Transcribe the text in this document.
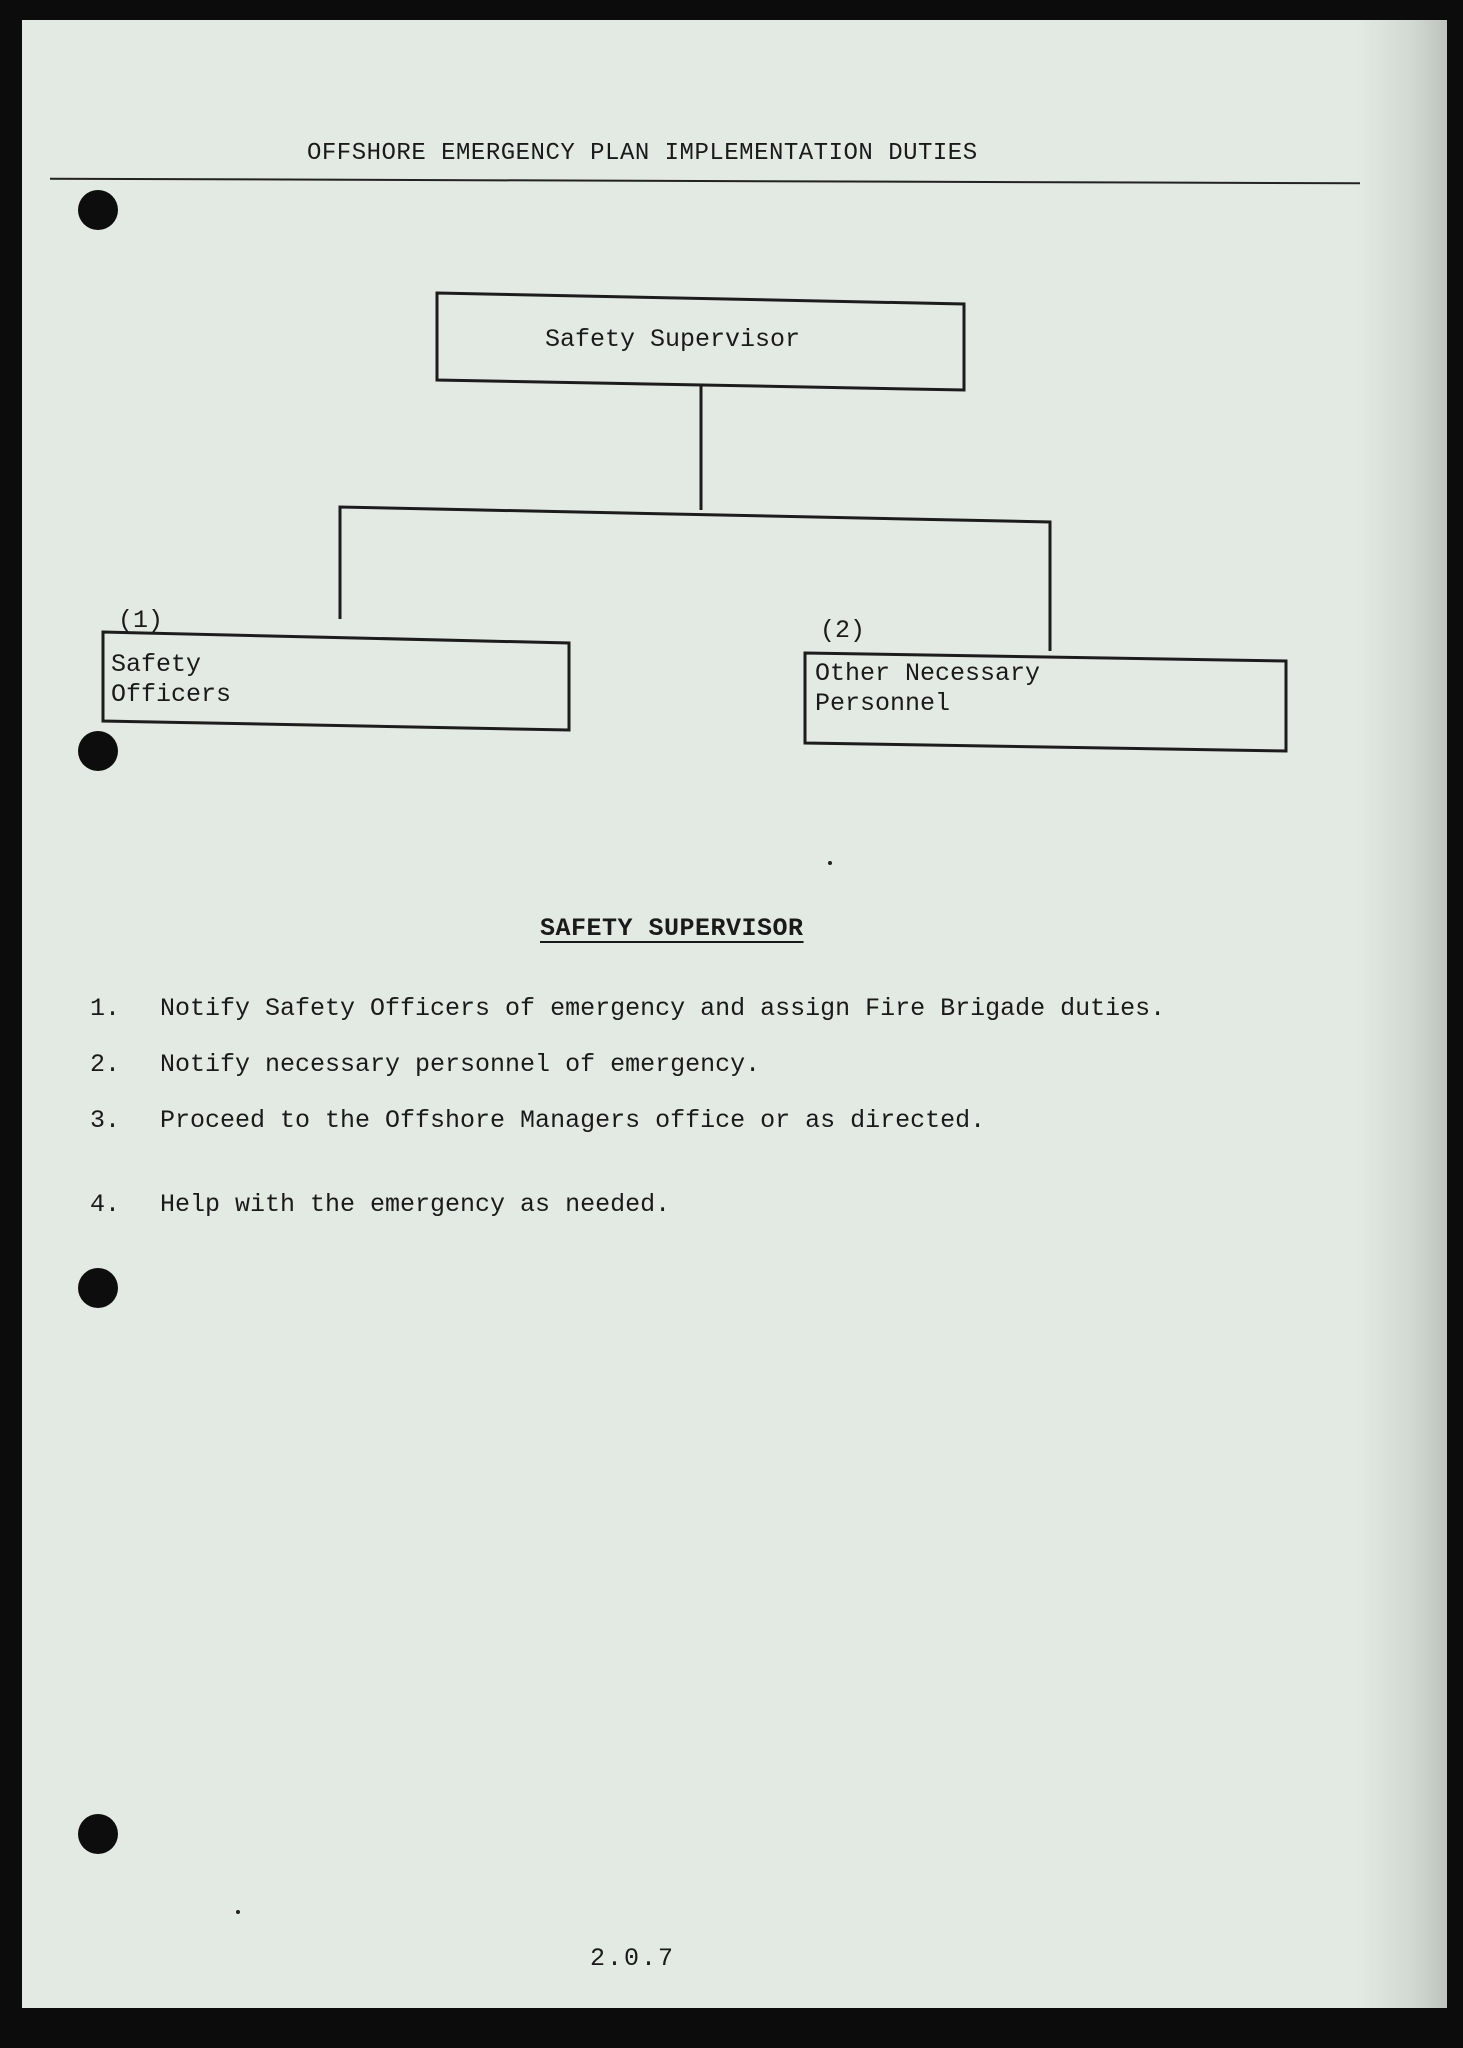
OFFSHORE EMERGENCY PLAN IMPLEMENTATION DUTIES
Safety Supervisor
(1)
Safety
Officers
(2)
Other Necessary
Personnel
SAFETY SUPERVISOR
1. Notify Safety Officers of emergency and assign Fire Brigade duties.
2. Notify necessary personnel of emergency.
3. Proceed to the Offshore Managers office or as directed.
4. Help with the emergency as needed.
2.0.7
